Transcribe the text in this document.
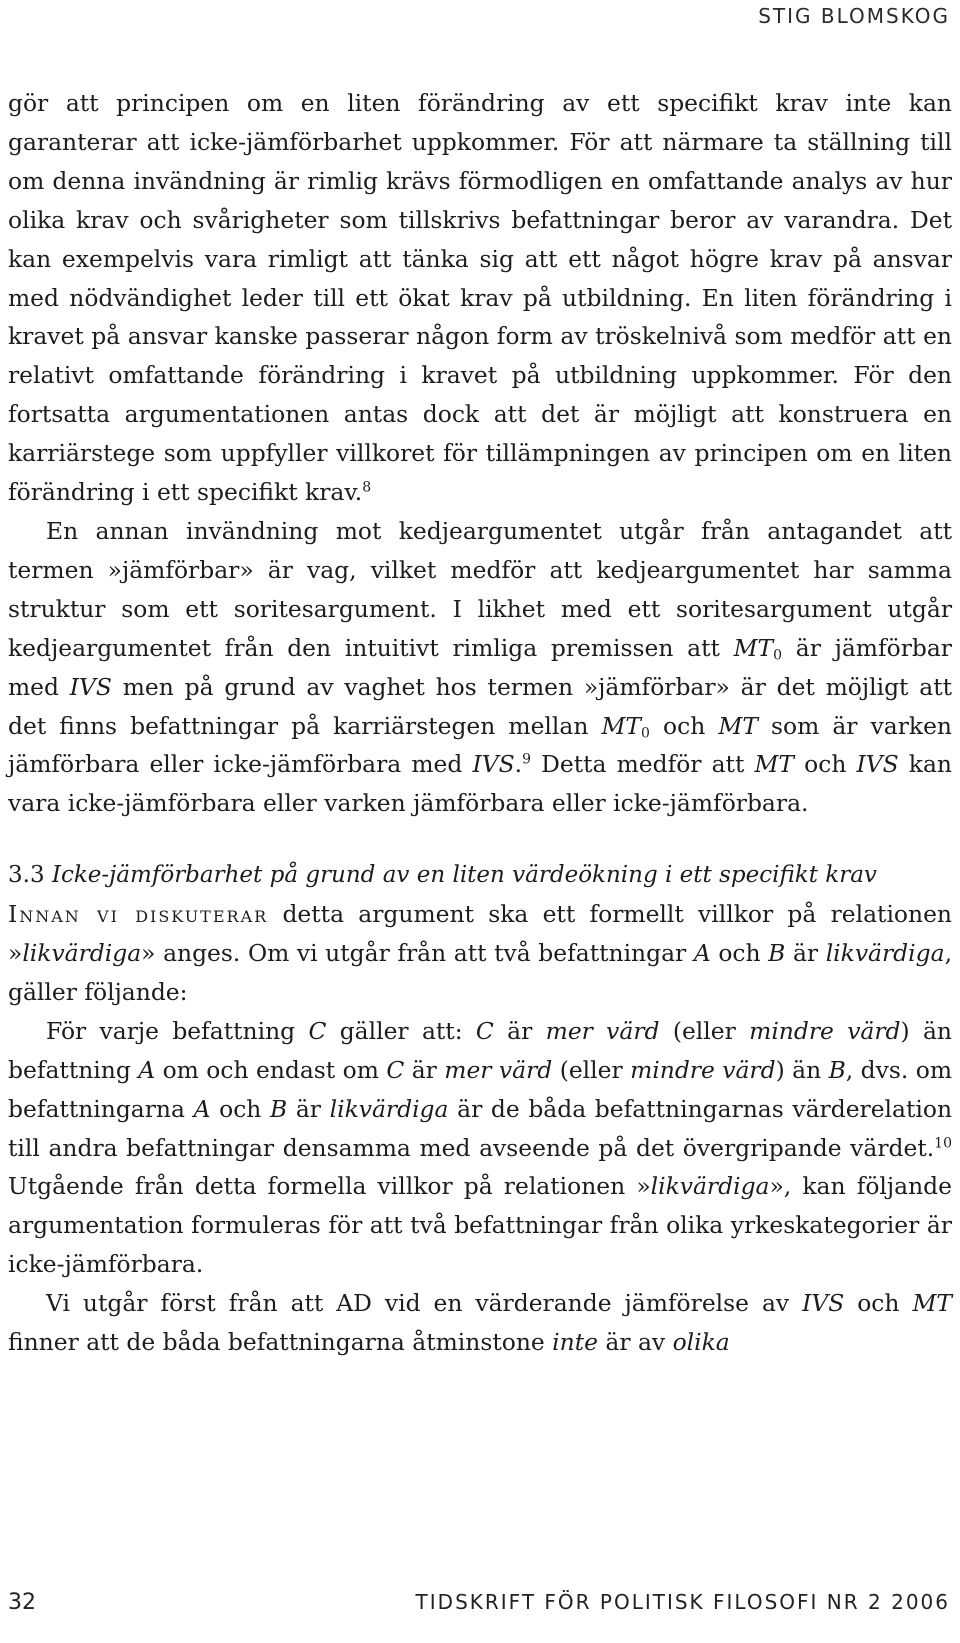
STIG BLOMSKOG

gör att principen om en liten förändring av ett specifikt krav inte kan garanterar att icke-jämförbarhet uppkommer. För att närmare ta ställning till om denna invändning är rimlig krävs förmodligen en omfattande analys av hur olika krav och svårigheter som tillskrivs befattningar beror av varandra. Det kan exempelvis vara rimligt att tänka sig att ett något högre krav på ansvar med nödvändighet leder till ett ökat krav på utbildning. En liten förändring i kravet på ansvar kanske passerar någon form av tröskelnivå som medför att en relativt omfattande förändring i kravet på utbildning uppkommer. För den fortsatta argumentationen antas dock att det är möjligt att konstruera en karriärstege som uppfyller villkoret för tillämpningen av principen om en liten förändring i ett specifikt krav.$^8$

En annan invändning mot kedjeargumentet utgår från antagandet att termen »jämförbar» är vag, vilket medför att kedjeargumentet har samma struktur som ett soritesargument. I likhet med ett soritesargument utgår kedjeargumentet från den intuitivt rimliga premissen att $MT_0$ är jämförbar med IVS men på grund av vaghet hos termen »jämförbar» är det möjligt att det finns befattningar på karriärstegen mellan $MT_0$ och MT som är varken jämförbara eller icke-jämförbara med IVS.$^9$ Detta medför att MT och IVS kan vara icke-jämförbara eller varken jämförbara eller icke-jämförbara.

3.3 Icke-jämförbarhet på grund av en liten värdeökning i ett specifikt krav

Innan vi diskuterar detta argument ska ett formellt villkor på relationen »likvärdiga» anges. Om vi utgår från att två befattningar A och B är likvärdiga, gäller följande:

För varje befattning C gäller att: C är mer värd (eller mindre värd) än befattning A om och endast om C är mer värd (eller mindre värd) än B, dvs. om befattningarna A och B är likvärdiga är de båda befattningarnas värderelation till andra befattningar densamma med avseende på det övergripande värdet.$^{10}$ Utgående från detta formella villkor på relationen »likvärdiga», kan följande argumentation formuleras för att två befattningar från olika yrkeskategorier är icke-jämförbara.

Vi utgår först från att AD vid en värderande jämförelse av IVS och MT finner att de båda befattningarna åtminstone inte är av olika

32	TIDSKRIFT FÖR POLITISK FILOSOFI NR 2 2006
